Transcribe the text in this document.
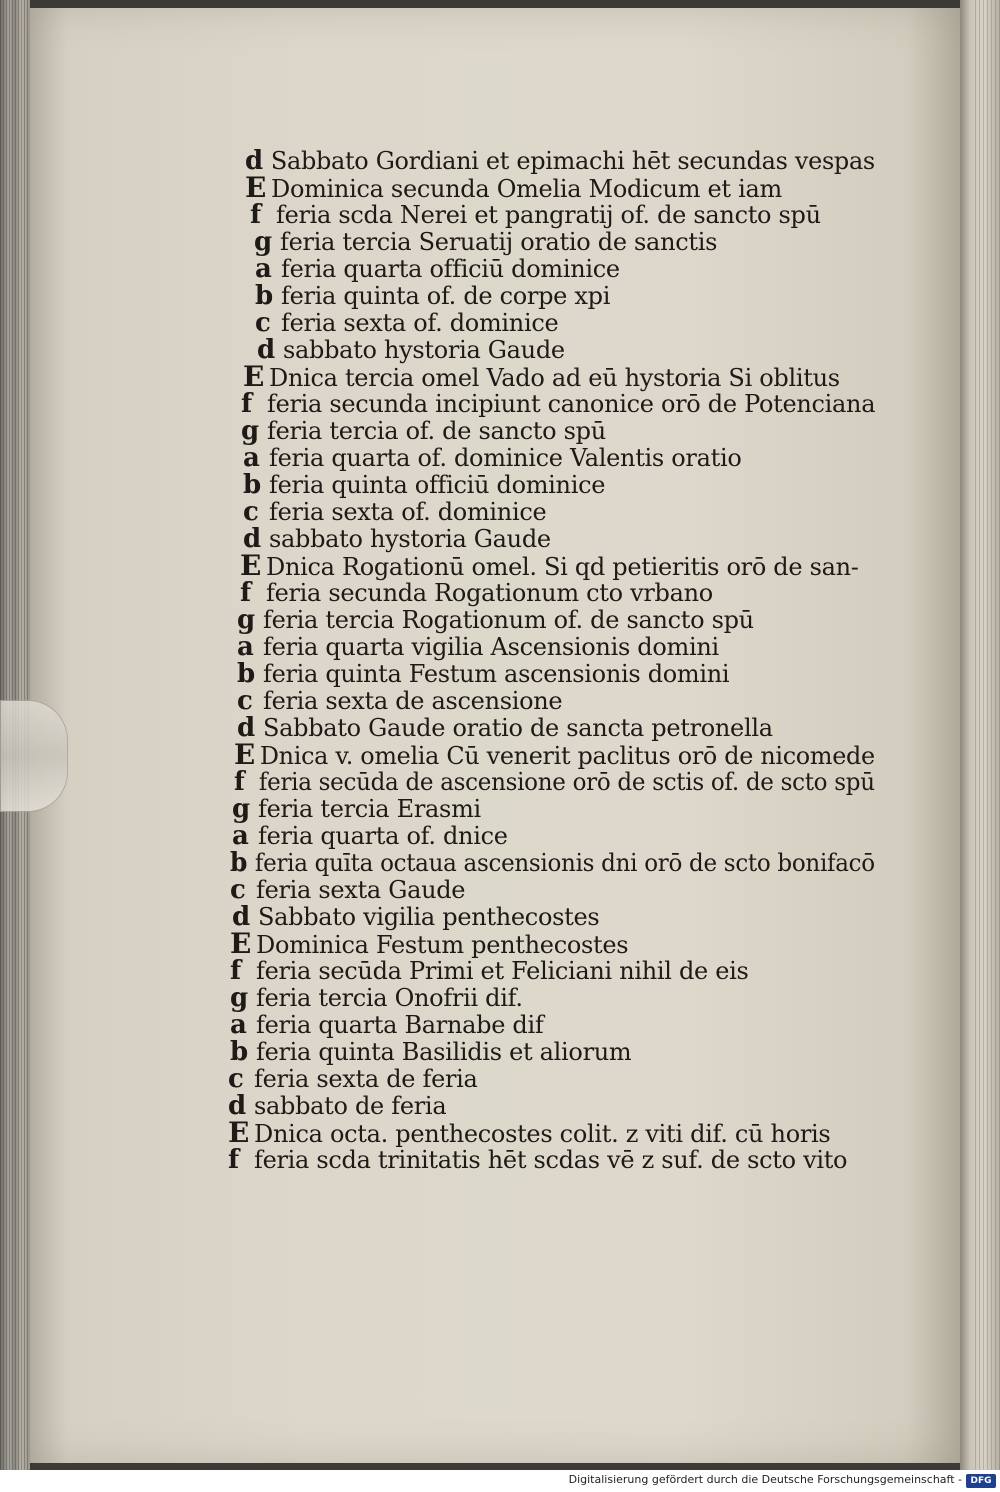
d Sabbato Gordiani et epimachi hēt secundas vespas
E Dominica secunda Omelia Modicum et iam
f feria scda Nerei et pangratij of. de sancto spū
g feria tercia Seruatij oratio de sanctis
a feria quarta officiū dominice
b feria quinta of. de corpe xpi
c feria sexta of. dominice
d sabbato hystoria Gaude
E Dnica tercia omel Vado ad eū hystoria Si oblitus
f feria secunda incipiunt canonice orō de Potenciana
g feria tercia of. de sancto spū
a feria quarta of. dominice Valentis oratio
b feria quinta officiū dominice
c feria sexta of. dominice
d sabbato hystoria Gaude
E Dnica Rogationū omel. Si qd petieritis orō de san-
f feria secunda Rogationum cto vrbano
g feria tercia Rogationum of. de sancto spū
a feria quarta vigilia Ascensionis domini
b feria quinta Festum ascensionis domini
c feria sexta de ascensione
d Sabbato Gaude oratio de sancta petronella
E Dnica v. omelia Cū venerit paclitus orō de nicomede
f feria secūda de ascensione orō de sctis of. de scto spū
g feria tercia Erasmi
a feria quarta of. dnice
b feria quīta octaua ascensionis dni orō de scto bonifacō
c feria sexta Gaude
d Sabbato vigilia penthecostes
E Dominica Festum penthecostes
f feria secūda Primi et Feliciani nihil de eis
g feria tercia Onofrii dif.
a feria quarta Barnabe dif
b feria quinta Basilidis et aliorum
c feria sexta de feria
d sabbato de feria
E Dnica octa. penthecostes colit. z viti dif. cū horis
f feria scda trinitatis hēt scdas vē z suf. de scto vito
Digitalisierung gefördert durch die Deutsche Forschungsgemeinschaft - DFG
